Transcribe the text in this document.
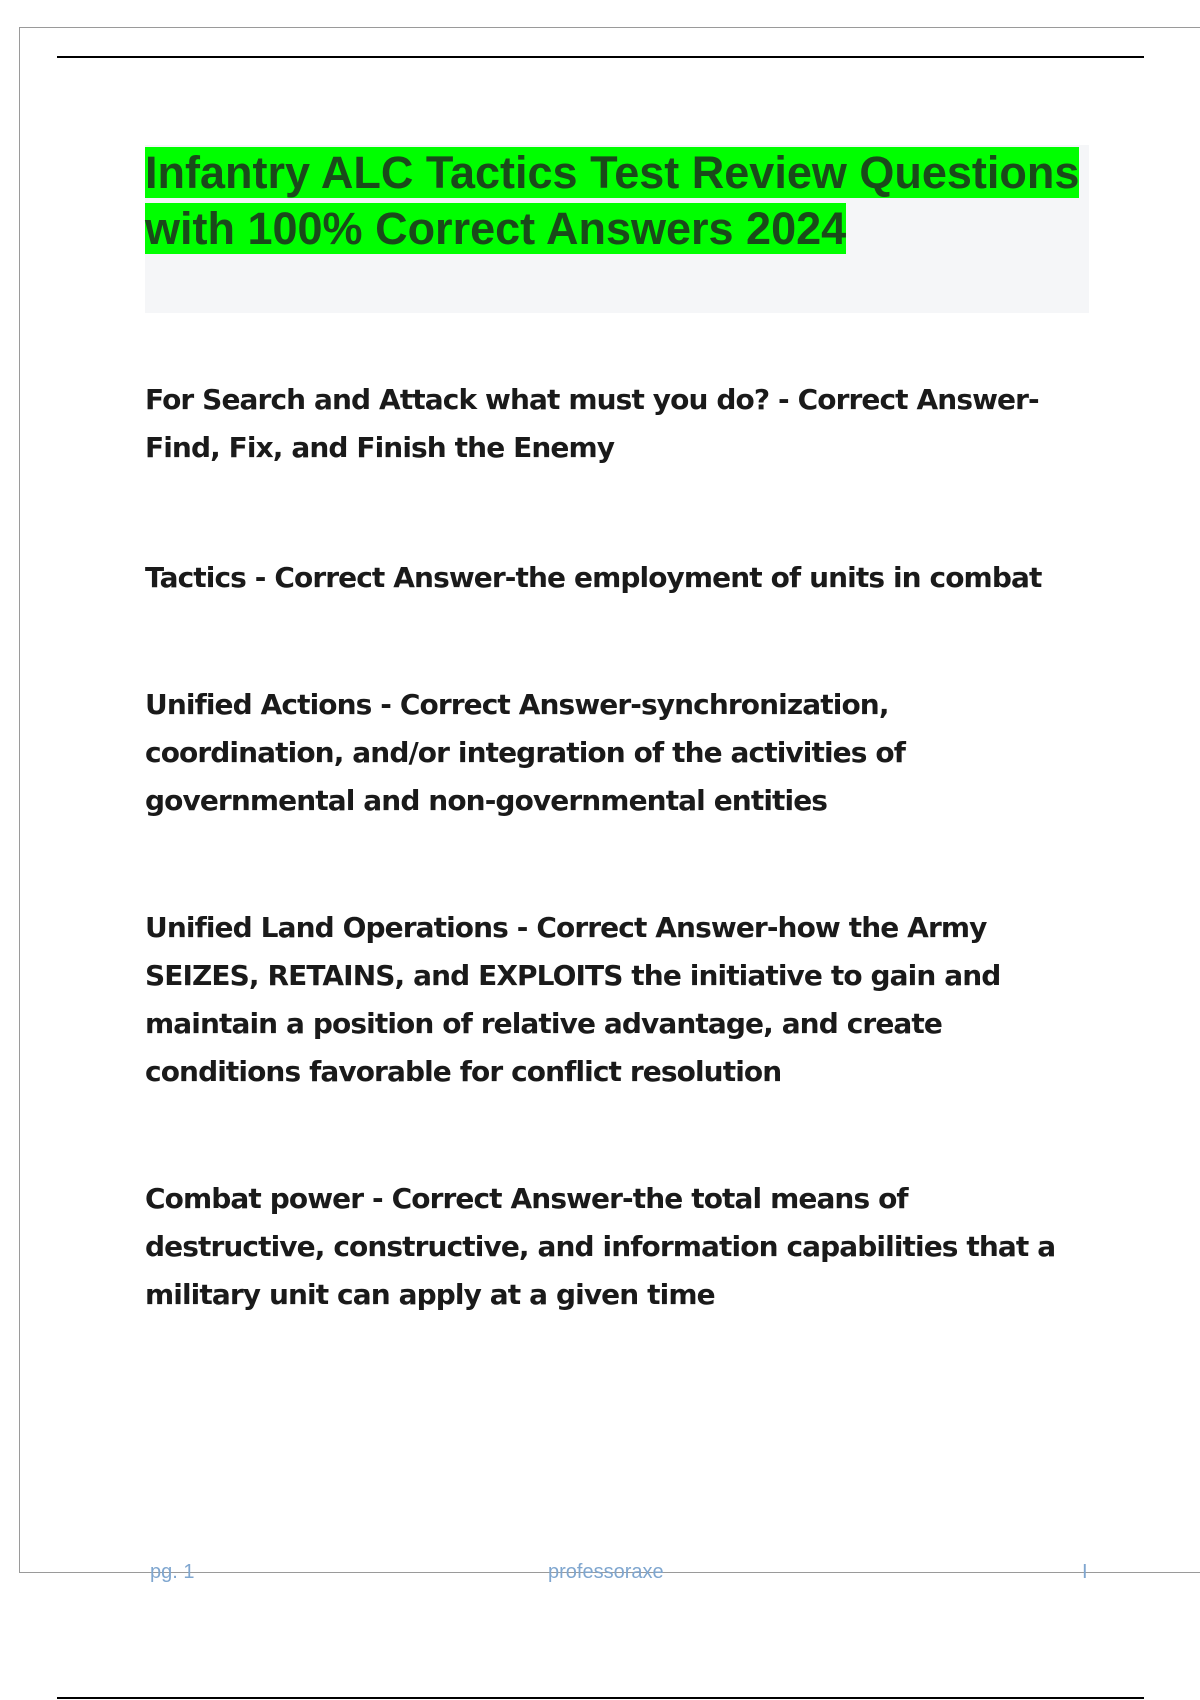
Infantry ALC Tactics Test Review Questions with 100% Correct Answers 2024

For Search and Attack what must you do? - Correct Answer-Find, Fix, and Finish the Enemy

Tactics - Correct Answer-the employment of units in combat

Unified Actions - Correct Answer-synchronization, coordination, and/or integration of the activities of governmental and non-governmental entities

Unified Land Operations - Correct Answer-how the Army SEIZES, RETAINS, and EXPLOITS the initiative to gain and maintain a position of relative advantage, and create conditions favorable for conflict resolution

Combat power - Correct Answer-the total means of destructive, constructive, and information capabilities that a military unit can apply at a given time

pg. 1	professoraxe	I
